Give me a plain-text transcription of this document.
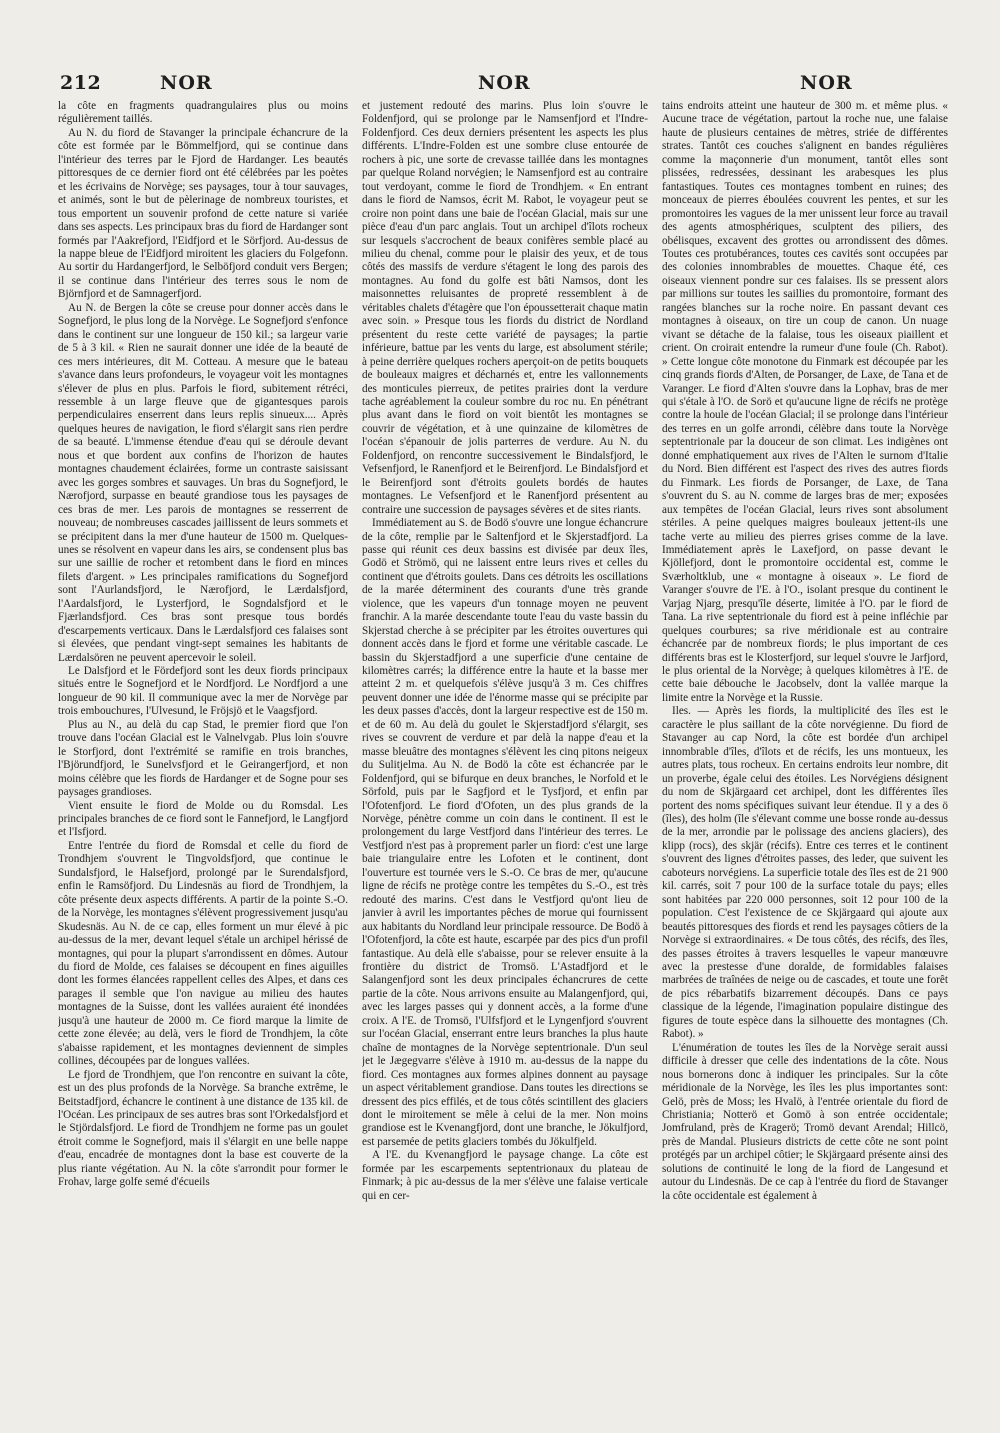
212	NOR	NOR	NOR

la côte en fragments quadrangulaires plus ou moins régulièrement taillés.

Au N. du fiord de Stavanger la principale échancrure de la côte est formée par le Bömmelfjord, qui se continue dans l'intérieur des terres par le Fjord de Hardanger. Les beautés pittoresques de ce dernier fiord ont été célébrées par les poètes et les écrivains de Norvège; ses paysages, tour à tour sauvages, et animés, sont le but de pèlerinage de nombreux touristes, et tous emportent un souvenir profond de cette nature si variée dans ses aspects. Les principaux bras du fiord de Hardanger sont formés par l'Aakrefjord, l'Eidfjord et le Sörfjord. Au-dessus de la nappe bleue de l'Eidfjord miroitent les glaciers du Folgefonn. Au sortir du Hardangerfjord, le Selböfjord conduit vers Bergen; il se continue dans l'intérieur des terres sous le nom de Björnfjord et de Samnagerfjord.

Au N. de Bergen la côte se creuse pour donner accès dans le Sognefjord, le plus long de la Norvège. Le Sognefjord s'enfonce dans le continent sur une longueur de 150 kil.; sa largeur varie de 5 à 3 kil. « Rien ne saurait donner une idée de la beauté de ces mers intérieures, dit M. Cotteau. A mesure que le bateau s'avance dans leurs profondeurs, le voyageur voit les montagnes s'élever de plus en plus. Parfois le fiord, subitement rétréci, ressemble à un large fleuve que de gigantesques parois perpendiculaires enserrent dans leurs replis sinueux.... Après quelques heures de navigation, le fiord s'élargit sans rien perdre de sa beauté. L'immense étendue d'eau qui se déroule devant nous et que bordent aux confins de l'horizon de hautes montagnes chaudement éclairées, forme un contraste saisissant avec les gorges sombres et sauvages. Un bras du Sognefjord, le Nærofjord, surpasse en beauté grandiose tous les paysages de ces bras de mer. Les parois de montagnes se resserrent de nouveau; de nombreuses cascades jaillissent de leurs sommets et se précipitent dans la mer d'une hauteur de 1500 m. Quelques-unes se résolvent en vapeur dans les airs, se condensent plus bas sur une saillie de rocher et retombent dans le fiord en minces filets d'argent. » Les principales ramifications du Sognefjord sont l'Aurlandsfjord, le Nærofjord, le Lærdalsfjord, l'Aardalsfjord, le Lysterfjord, le Sogndalsfjord et le Fjærlandsfjord. Ces bras sont presque tous bordés d'escarpements verticaux. Dans le Lærdalsfjord ces falaises sont si élevées, que pendant vingt-sept semaines les habitants de Lærdalsören ne peuvent apercevoir le soleil.

Le Dalsfjord et le Fördefjord sont les deux fiords principaux situés entre le Sognefjord et le Nordfjord. Le Nordfjord a une longueur de 90 kil. Il communique avec la mer de Norvège par trois embouchures, l'Ulvesund, le Fröjsjö et le Vaagsfjord.

Plus au N., au delà du cap Stad, le premier fiord que l'on trouve dans l'océan Glacial est le Valnelvgab. Plus loin s'ouvre le Storfjord, dont l'extrémité se ramifie en trois branches, l'Björundfjord, le Sunelvsfjord et le Geirangerfjord, et non moins célèbre que les fiords de Hardanger et de Sogne pour ses paysages grandioses.

Vient ensuite le fiord de Molde ou du Romsdal. Les principales branches de ce fiord sont le Fannefjord, le Langfjord et l'Isfjord.

Entre l'entrée du fiord de Romsdal et celle du fiord de Trondhjem s'ouvrent le Tingvoldsfjord, que continue le Sundalsfjord, le Halsefjord, prolongé par le Surendalsfjord, enfin le Ramsöfjord. Du Lindesnäs au fiord de Trondhjem, la côte présente deux aspects différents. A partir de la pointe S.-O. de la Norvège, les montagnes s'élèvent progressivement jusqu'au Skudesnäs. Au N. de ce cap, elles forment un mur élevé à pic au-dessus de la mer, devant lequel s'étale un archipel hérissé de montagnes, qui pour la plupart s'arrondissent en dômes. Autour du fiord de Molde, ces falaises se découpent en fines aiguilles dont les formes élancées rappellent celles des Alpes, et dans ces parages il semble que l'on navigue au milieu des hautes montagnes de la Suisse, dont les vallées auraient été inondées jusqu'à une hauteur de 2000 m. Ce fiord marque la limite de cette zone élevée; au delà, vers le fiord de Trondhjem, la côte s'abaisse rapidement, et les montagnes deviennent de simples collines, découpées par de longues vallées.

Le fjord de Trondhjem, que l'on rencontre en suivant la côte, est un des plus profonds de la Norvège. Sa branche extrême, le Beitstadfjord, échancre le continent à une distance de 135 kil. de l'Océan. Les principaux de ses autres bras sont l'Orkedalsfjord et le Stjördalsfjord. Le fiord de Trondhjem ne forme pas un goulet étroit comme le Sognefjord, mais il s'élargit en une belle nappe d'eau, encadrée de montagnes dont la base est couverte de la plus riante végétation. Au N. la côte s'arrondit pour former le Frohav, large golfe semé d'écueils

et justement redouté des marins. Plus loin s'ouvre le Foldenfjord, qui se prolonge par le Namsenfjord et l'Indre-Foldenfjord. Ces deux derniers présentent les aspects les plus différents. L'Indre-Folden est une sombre cluse entourée de rochers à pic, une sorte de crevasse taillée dans les montagnes par quelque Roland norvégien; le Namsenfjord est au contraire tout verdoyant, comme le fiord de Trondhjem. « En entrant dans le fiord de Namsos, écrit M. Rabot, le voyageur peut se croire non point dans une baie de l'océan Glacial, mais sur une pièce d'eau d'un parc anglais. Tout un archipel d'îlots rocheux sur lesquels s'accrochent de beaux conifères semble placé au milieu du chenal, comme pour le plaisir des yeux, et de tous côtés des massifs de verdure s'étagent le long des parois des montagnes. Au fond du golfe est bâti Namsos, dont les maisonnettes reluisantes de propreté ressemblent à de véritables chalets d'étagère que l'on époussetterait chaque matin avec soin. » Presque tous les fiords du district de Nordland présentent du reste cette variété de paysages; la partie inférieure, battue par les vents du large, est absolument stérile; à peine derrière quelques rochers aperçoit-on de petits bouquets de bouleaux maigres et décharnés et, entre les vallonnements des monticules pierreux, de petites prairies dont la verdure tache agréablement la couleur sombre du roc nu. En pénétrant plus avant dans le fiord on voit bientôt les montagnes se couvrir de végétation, et à une quinzaine de kilomètres de l'océan s'épanouir de jolis parterres de verdure. Au N. du Foldenfjord, on rencontre successivement le Bindalsfjord, le Vefsenfjord, le Ranenfjord et le Beirenfjord. Le Bindalsfjord et le Beirenfjord sont d'étroits goulets bordés de hautes montagnes. Le Vefsenfjord et le Ranenfjord présentent au contraire une succession de paysages sévères et de sites riants.

Immédiatement au S. de Bodö s'ouvre une longue échancrure de la côte, remplie par le Saltenfjord et le Skjerstadfjord. La passe qui réunit ces deux bassins est divisée par deux îles, Godö et Strömö, qui ne laissent entre leurs rives et celles du continent que d'étroits goulets. Dans ces détroits les oscillations de la marée déterminent des courants d'une très grande violence, que les vapeurs d'un tonnage moyen ne peuvent franchir. A la marée descendante toute l'eau du vaste bassin du Skjerstad cherche à se précipiter par les étroites ouvertures qui donnent accès dans le fjord et forme une véritable cascade. Le bassin du Skjerstadfjord a une superficie d'une centaine de kilomètres carrés; la différence entre la haute et la basse mer atteint 2 m. et quelquefois s'élève jusqu'à 3 m. Ces chiffres peuvent donner une idée de l'énorme masse qui se précipite par les deux passes d'accès, dont la largeur respective est de 150 m. et de 60 m. Au delà du goulet le Skjerstadfjord s'élargit, ses rives se couvrent de verdure et par delà la nappe d'eau et la masse bleuâtre des montagnes s'élèvent les cinq pitons neigeux du Sulitjelma. Au N. de Bodö la côte est échancrée par le Foldenfjord, qui se bifurque en deux branches, le Norfold et le Sörfold, puis par le Sagfjord et le Tysfjord, et enfin par l'Ofotenfjord. Le fiord d'Ofoten, un des plus grands de la Norvège, pénètre comme un coin dans le continent. Il est le prolongement du large Vestfjord dans l'intérieur des terres. Le Vestfjord n'est pas à proprement parler un fiord: c'est une large baie triangulaire entre les Lofoten et le continent, dont l'ouverture est tournée vers le S.-O. Ce bras de mer, qu'aucune ligne de récifs ne protège contre les tempêtes du S.-O., est très redouté des marins. C'est dans le Vestfjord qu'ont lieu de janvier à avril les importantes pêches de morue qui fournissent aux habitants du Nordland leur principale ressource. De Bodö à l'Ofotenfjord, la côte est haute, escarpée par des pics d'un profil fantastique. Au delà elle s'abaisse, pour se relever ensuite à la frontière du district de Tromsö. L'Astadfjord et le Salangenfjord sont les deux principales échancrures de cette partie de la côte. Nous arrivons ensuite au Malangenfjord, qui, avec les larges passes qui y donnent accès, a la forme d'une croix. A l'E. de Tromsö, l'Ulfsfjord et le Lyngenfjord s'ouvrent sur l'océan Glacial, enserrant entre leurs branches la plus haute chaîne de montagnes de la Norvège septentrionale. D'un seul jet le Jægegvarre s'élève à 1910 m. au-dessus de la nappe du fiord. Ces montagnes aux formes alpines donnent au paysage un aspect véritablement grandiose. Dans toutes les directions se dressent des pics effilés, et de tous côtés scintillent des glaciers dont le miroitement se mêle à celui de la mer. Non moins grandiose est le Kvenangfjord, dont une branche, le Jökulfjord, est parsemée de petits glaciers tombés du Jökulfjeld.

A l'E. du Kvenangfjord le paysage change. La côte est formée par les escarpements septentrionaux du plateau de Finmark; à pic au-dessus de la mer s'élève une falaise verticale qui en cer-

tains endroits atteint une hauteur de 300 m. et même plus. « Aucune trace de végétation, partout la roche nue, une falaise haute de plusieurs centaines de mètres, striée de différentes strates. Tantôt ces couches s'alignent en bandes régulières comme la maçonnerie d'un monument, tantôt elles sont plissées, redressées, dessinant les arabesques les plus fantastiques. Toutes ces montagnes tombent en ruines; des monceaux de pierres éboulées couvrent les pentes, et sur les promontoires les vagues de la mer unissent leur force au travail des agents atmosphériques, sculptent des piliers, des obélisques, excavent des grottes ou arrondissent des dômes. Toutes ces protubérances, toutes ces cavités sont occupées par des colonies innombrables de mouettes. Chaque été, ces oiseaux viennent pondre sur ces falaises. Ils se pressent alors par millions sur toutes les saillies du promontoire, formant des rangées blanches sur la roche noire. En passant devant ces montagnes à oiseaux, on tire un coup de canon. Un nuage vivant se détache de la falaise, tous les oiseaux piaillent et crient. On croirait entendre la rumeur d'une foule (Ch. Rabot). » Cette longue côte monotone du Finmark est découpée par les cinq grands fiords d'Alten, de Porsanger, de Laxe, de Tana et de Varanger. Le fiord d'Alten s'ouvre dans la Lophav, bras de mer qui s'étale à l'O. de Sorö et qu'aucune ligne de récifs ne protège contre la houle de l'océan Glacial; il se prolonge dans l'intérieur des terres en un golfe arrondi, célèbre dans toute la Norvège septentrionale par la douceur de son climat. Les indigènes ont donné emphatiquement aux rives de l'Alten le surnom d'Italie du Nord. Bien différent est l'aspect des rives des autres fiords du Finmark. Les fiords de Porsanger, de Laxe, de Tana s'ouvrent du S. au N. comme de larges bras de mer; exposées aux tempêtes de l'océan Glacial, leurs rives sont absolument stériles. A peine quelques maigres bouleaux jettent-ils une tache verte au milieu des pierres grises comme de la lave. Immédiatement après le Laxefjord, on passe devant le Kjöllefjord, dont le promontoire occidental est, comme le Sværholtklub, une « montagne à oiseaux ». Le fiord de Varanger s'ouvre de l'E. à l'O., isolant presque du continent le Varjag Njarg, presqu'île déserte, limitée à l'O. par le fiord de Tana. La rive septentrionale du fiord est à peine infléchie par quelques courbures; sa rive méridionale est au contraire échancrée par de nombreux fiords; le plus important de ces différents bras est le Klosterfjord, sur lequel s'ouvre le Jarfjord, le plus oriental de la Norvège; à quelques kilomètres à l'E. de cette baie débouche le Jacobselv, dont la vallée marque la limite entre la Norvège et la Russie.

Iles. — Après les fiords, la multiplicité des îles est le caractère le plus saillant de la côte norvégienne. Du fiord de Stavanger au cap Nord, la côte est bordée d'un archipel innombrable d'îles, d'îlots et de récifs, les uns montueux, les autres plats, tous rocheux. En certains endroits leur nombre, dit un proverbe, égale celui des étoiles. Les Norvégiens désignent du nom de Skjärgaard cet archipel, dont les différentes îles portent des noms spécifiques suivant leur étendue. Il y a des ö (îles), des holm (île s'élevant comme une bosse ronde au-dessus de la mer, arrondie par le polissage des anciens glaciers), des klipp (rocs), des skjär (récifs). Entre ces terres et le continent s'ouvrent des lignes d'étroites passes, des leder, que suivent les caboteurs norvégiens. La superficie totale des îles est de 21 900 kil. carrés, soit 7 pour 100 de la surface totale du pays; elles sont habitées par 220 000 personnes, soit 12 pour 100 de la population. C'est l'existence de ce Skjärgaard qui ajoute aux beautés pittoresques des fiords et rend les paysages côtiers de la Norvège si extraordinaires. « De tous côtés, des récifs, des îles, des passes étroites à travers lesquelles le vapeur manœuvre avec la prestesse d'une doralde, de formidables falaises marbrées de traînées de neige ou de cascades, et toute une forêt de pics rébarbatifs bizarrement découpés. Dans ce pays classique de la légende, l'imagination populaire distingue des figures de toute espèce dans la silhouette des montagnes (Ch. Rabot). »

L'énumération de toutes les îles de la Norvège serait aussi difficile à dresser que celle des indentations de la côte. Nous nous bornerons donc à indiquer les principales. Sur la côte méridionale de la Norvège, les îles les plus importantes sont: Gelö, près de Moss; les Hvalö, à l'entrée orientale du fiord de Christiania; Notterö et Gomö à son entrée occidentale; Jomfruland, près de Kragerö; Tromö devant Arendal; Hillcö, près de Mandal. Plusieurs districts de cette côte ne sont point protégés par un archipel côtier; le Skjärgaard présente ainsi des solutions de continuité le long de la fiord de Langesund et autour du Lindesnäs. De ce cap à l'entrée du fiord de Stavanger la côte occidentale est également à
